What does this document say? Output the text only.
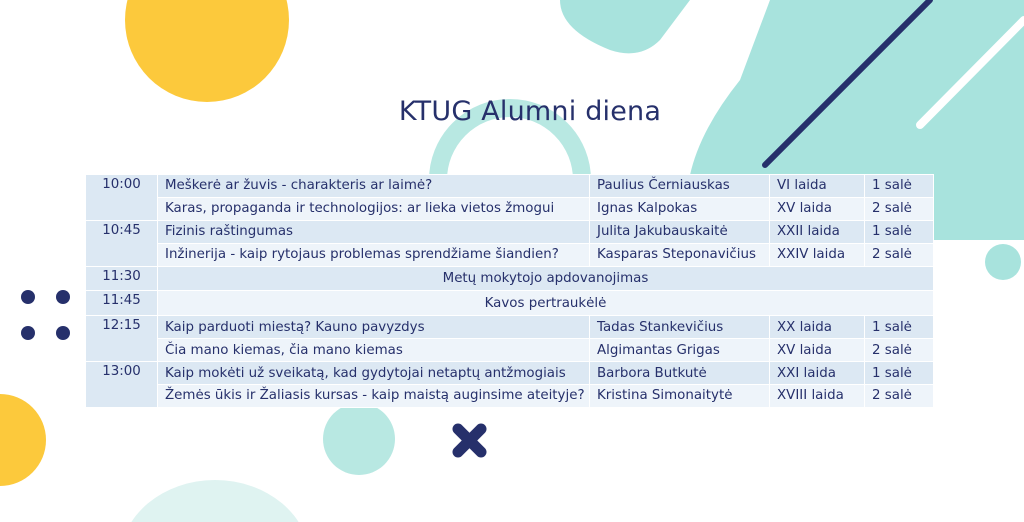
KTUG Alumni diena
10:00	Meškerė ar žuvis - charakteris ar laimė?	Paulius Černiauskas	VI laida	1 salė
	Karas, propaganda ir technologijos: ar lieka vietos žmogui	Ignas Kalpokas	XV laida	2 salė
10:45	Fizinis raštingumas	Julita Jakubauskaitė	XXII laida	1 salė
	Inžinerija - kaip rytojaus problemas sprendžiame šiandien?	Kasparas Steponavičius	XXIV laida	2 salė
11:30	Metų mokytojo apdovanojimas			
11:45	Kavos pertraukėlė			
12:15	Kaip parduoti miestą? Kauno pavyzdys	Tadas Stankevičius	XX laida	1 salė
	Čia mano kiemas, čia mano kiemas	Algimantas Grigas	XV laida	2 salė
13:00	Kaip mokėti už sveikatą, kad gydytojai netaptų antžmogiais	Barbora Butkutė	XXI laida	1 salė
	Žemės ūkis ir Žaliasis kursas - kaip maistą auginsime ateityje?	Kristina Simonaitytė	XVIII laida	2 salė
